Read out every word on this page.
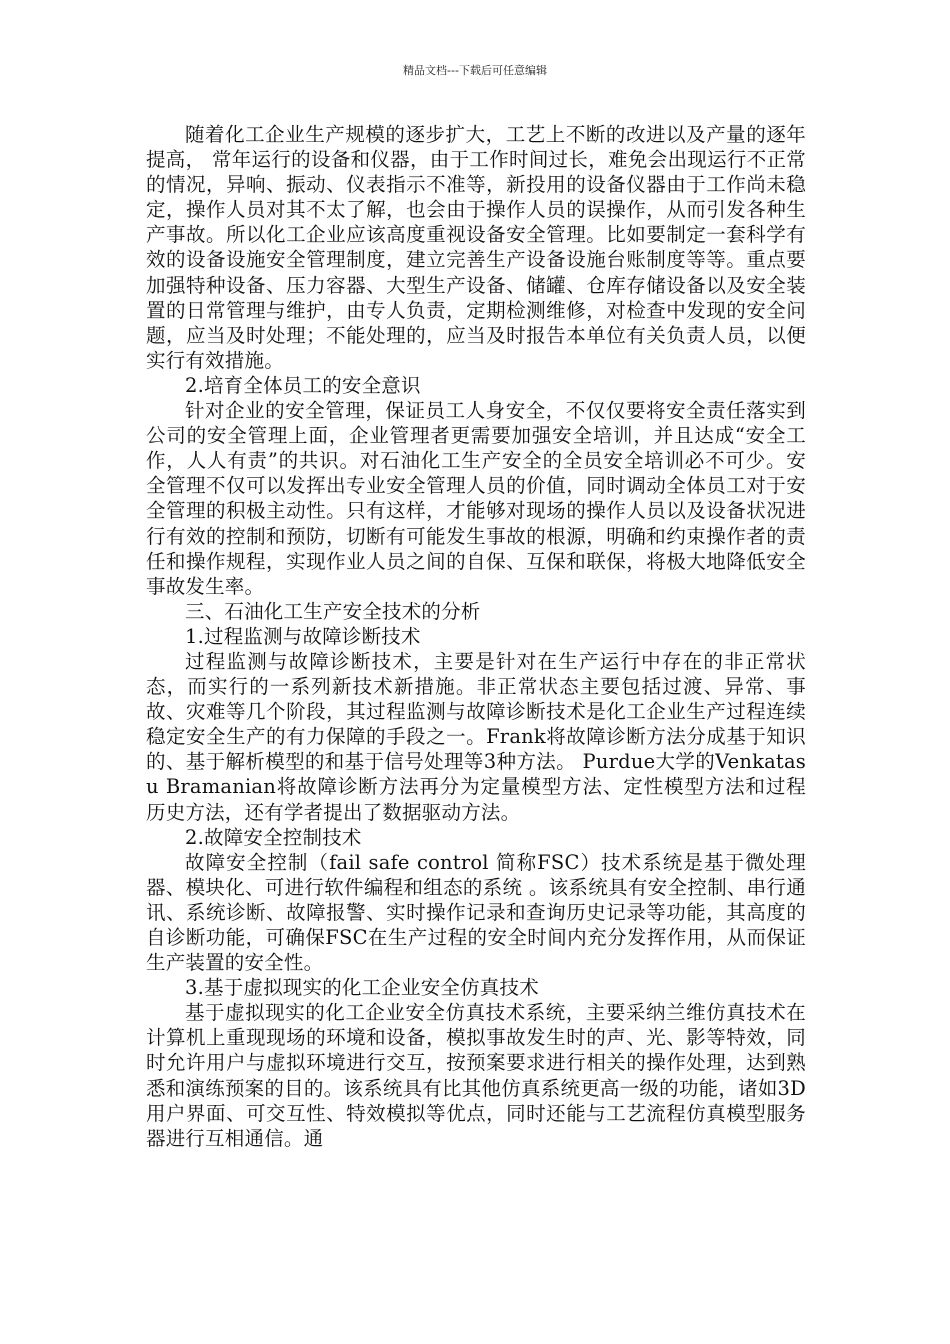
精品文档---下载后可任意编辑

随着化工企业生产规模的逐步扩大，工艺上不断的改进以及产量的逐年提高， 常年运行的设备和仪器，由于工作时间过长，难免会出现运行不正常的情况，异响、振动、仪表指示不准等，新投用的设备仪器由于工作尚未稳定，操作人员对其不太了解，也会由于操作人员的误操作，从而引发各种生产事故。所以化工企业应该高度重视设备安全管理。比如要制定一套科学有效的设备设施安全管理制度，建立完善生产设备设施台账制度等等。重点要加强特种设备、压力容器、大型生产设备、储罐、仓库存储设备以及安全装置的日常管理与维护，由专人负责，定期检测维修，对检查中发现的安全问题，应当及时处理；不能处理的，应当及时报告本单位有关负责人员，以便实行有效措施。

2.培育全体员工的安全意识

针对企业的安全管理，保证员工人身安全，不仅仅要将安全责任落实到公司的安全管理上面，企业管理者更需要加强安全培训，并且达成“安全工作，人人有责”的共识。对石油化工生产安全的全员安全培训必不可少。安全管理不仅可以发挥出专业安全管理人员的价值，同时调动全体员工对于安全管理的积极主动性。只有这样，才能够对现场的操作人员以及设备状况进行有效的控制和预防，切断有可能发生事故的根源，明确和约束操作者的责任和操作规程，实现作业人员之间的自保、互保和联保，将极大地降低安全事故发生率。

三、石油化工生产安全技术的分析

1.过程监测与故障诊断技术

过程监测与故障诊断技术，主要是针对在生产运行中存在的非正常状态，而实行的一系列新技术新措施。非正常状态主要包括过渡、异常、事故、灾难等几个阶段，其过程监测与故障诊断技术是化工企业生产过程连续稳定安全生产的有力保障的手段之一。Frank将故障诊断方法分成基于知识的、基于解析模型的和基于信号处理等3种方法。 Purdue大学的Venkatasu Bramanian将故障诊断方法再分为定量模型方法、定性模型方法和过程历史方法，还有学者提出了数据驱动方法。

2.故障安全控制技术

故障安全控制（fail safe control 简称FSC）技术系统是基于微处理器、模块化、可进行软件编程和组态的系统 。该系统具有安全控制、串行通讯、系统诊断、故障报警、实时操作记录和查询历史记录等功能，其高度的自诊断功能，可确保FSC在生产过程的安全时间内充分发挥作用，从而保证生产装置的安全性。

3.基于虚拟现实的化工企业安全仿真技术

基于虚拟现实的化工企业安全仿真技术系统，主要采纳兰维仿真技术在计算机上重现现场的环境和设备，模拟事故发生时的声、光、影等特效，同时允许用户与虚拟环境进行交互，按预案要求进行相关的操作处理，达到熟悉和演练预案的目的。该系统具有比其他仿真系统更高一级的功能，诸如3D用户界面、可交互性、特效模拟等优点，同时还能与工艺流程仿真模型服务器进行互相通信。通
